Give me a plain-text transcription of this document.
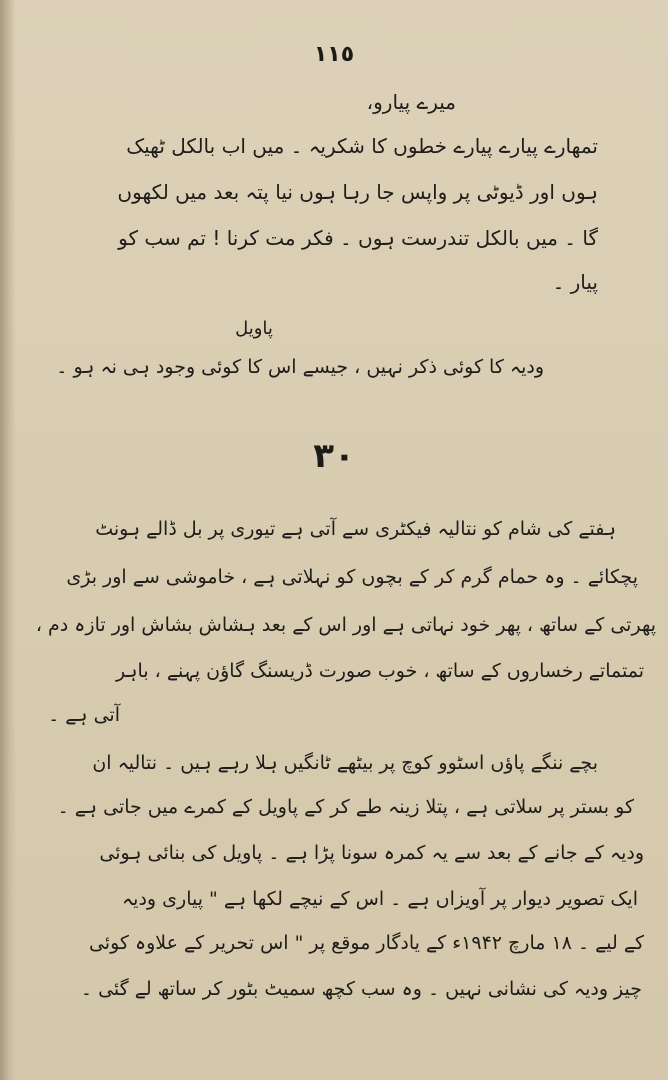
١١٥
میرے پیارو،
تمھارے پیارے پیارے خطوں کا شکریہ ۔ میں اب بالکل ٹھیک
ہوں اور ڈیوٹی پر واپس جا رہا ہوں نیا پتہ بعد میں لکھوں
گا ۔ میں بالکل تندرست ہوں ۔ فکر مت کرنا ! تم سب کو
پیار ۔
پاویل
ودیہ کا کوئی ذکر نہیں ، جیسے اس کا کوئی وجود ہی نہ ہو ۔
٣٠
ہفتے کی شام کو نتالیہ فیکٹری سے آتی ہے تیوری پر بل ڈالے ہونٹ
پچکائے ۔ وہ حمام گرم کر کے بچوں کو نہلاتی ہے ، خاموشی سے اور بڑی
پھرتی کے ساتھ ، پھر خود نہاتی ہے اور اس کے بعد ہشاش بشاش اور تازہ دم ،
تمتماتے رخساروں کے ساتھ ، خوب صورت ڈریسنگ گاؤن پہنے ، باہر
آتی ہے ۔
بچے ننگے پاؤں اسٹوو کوچ پر بیٹھے ٹانگیں ہلا رہے ہیں ۔ نتالیہ ان
کو بستر پر سلاتی ہے ، پتلا زینہ طے کر کے پاویل کے کمرے میں جاتی ہے ۔
ودیہ کے جانے کے بعد سے یہ کمرہ سونا پڑا ہے ۔ پاویل کی بنائی ہوئی
ایک تصویر دیوار پر آویزاں ہے ۔ اس کے نیچے لکھا ہے " پیاری ودیہ
کے لیے ۔ ۱۸ مارچ ۱۹۴۲ء کے یادگار موقع پر " اس تحریر کے علاوہ کوئی
چیز ودیہ کی نشانی نہیں ۔ وہ سب کچھ سمیٹ بٹور کر ساتھ لے گئی ۔
